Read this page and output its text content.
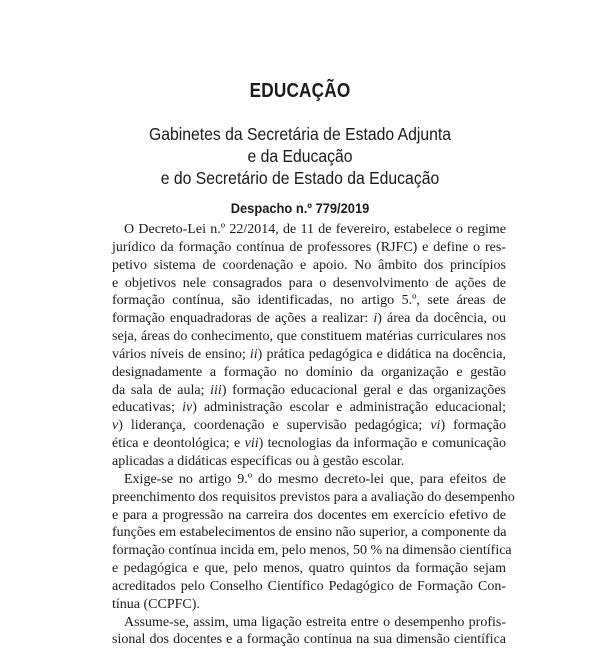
EDUCAÇÃO
Gabinetes da Secretária de Estado Adjunta
e da Educação
e do Secretário de Estado da Educação
Despacho n.º 779/2019
O Decreto-Lei n.º 22/2014, de 11 de fevereiro, estabelece o regime
jurídico da formação contínua de professores (RJFC) e define o res-
petivo sistema de coordenação e apoio. No âmbito dos princípios
e objetivos nele consagrados para o desenvolvimento de ações de
formação contínua, são identificadas, no artigo 5.º, sete áreas de
formação enquadradoras de ações a realizar: i) área da docência, ou
seja, áreas do conhecimento, que constituem matérias curriculares nos
vários níveis de ensino; ii) prática pedagógica e didática na docência,
designadamente a formação no domínio da organização e gestão
da sala de aula; iii) formação educacional geral e das organizações
educativas; iv) administração escolar e administração educacional;
v) liderança, coordenação e supervisão pedagógica; vi) formação
ética e deontológica; e vii) tecnologias da informação e comunicação
aplicadas a didáticas específicas ou à gestão escolar.
Exige-se no artigo 9.º do mesmo decreto-lei que, para efeitos de
preenchimento dos requisitos previstos para a avaliação do desempenho
e para a progressão na carreira dos docentes em exercício efetivo de
funções em estabelecimentos de ensino não superior, a componente da
formação contínua incida em, pelo menos, 50 % na dimensão científica
e pedagógica e que, pelo menos, quatro quintos da formação sejam
acreditados pelo Conselho Científico Pedagógico de Formação Con-
tínua (CCPFC).
Assume-se, assim, uma ligação estreita entre o desempenho profis-
sional dos docentes e a formação contínua na sua dimensão científica
